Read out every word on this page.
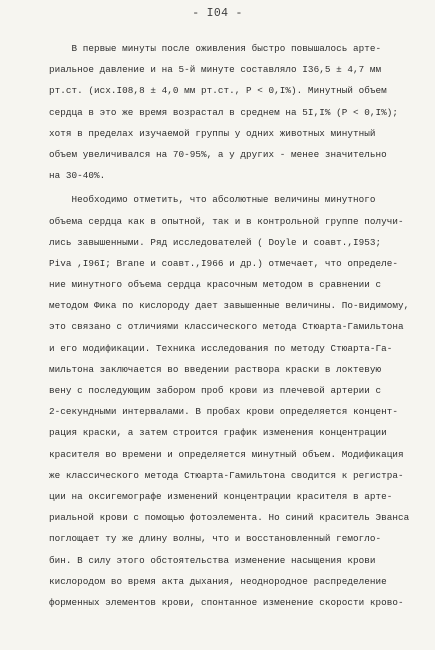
- I04 -
В первые минуты после оживления быстро повышалось арте-
риальное давление и на 5-й минуте составляло I36,5 ± 4,7 мм
рт.ст. (исх.I08,8 ± 4,0 мм рт.ст., P < 0,I%). Минутный объем
сердца в это же время возрастал в среднем на 5I,I% (P < 0,I%);
хотя в пределах изучаемой группы у одних животных минутный
объем увеличивался на 70-95%, а у других - менее значительно
на 30-40%.
Необходимо отметить, что абсолютные величины минутного
объема сердца как в опытной, так и в контрольной группе получи-
лись завышенными. Ряд исследователей ( Doyle и соавт.,I953;
Piva ,I96I; Brane и соавт.,I966 и др.) отмечает, что определе-
ние минутного объема сердца красочным методом в сравнении с
методом Фика по кислороду дает завышенные величины. По-видимому,
это связано с отличиями классического метода Стюарта-Гамильтона
и его модификации. Техника исследования по методу Стюарта-Га-
мильтона заключается во введении раствора краски в локтевую
вену с последующим забором проб крови из плечевой артерии с
2-секундными интервалами. В пробах крови определяется концент-
рация краски, а затем строится график изменения концентрации
красителя во времени и определяется минутный объем. Модификация
же классического метода Стюарта-Гамильтона сводится к регистра-
ции на оксигемографе изменений концентрации красителя в арте-
риальной крови с помощью фотоэлемента. Но синий краситель Эванса
поглощает ту же длину волны, что и восстановленный гемогло-
бин. В силу этого обстоятельства изменение насыщения крови
кислородом во время акта дыхания, неоднородное распределение
форменных элементов крови, спонтанное изменение скорости крово-
